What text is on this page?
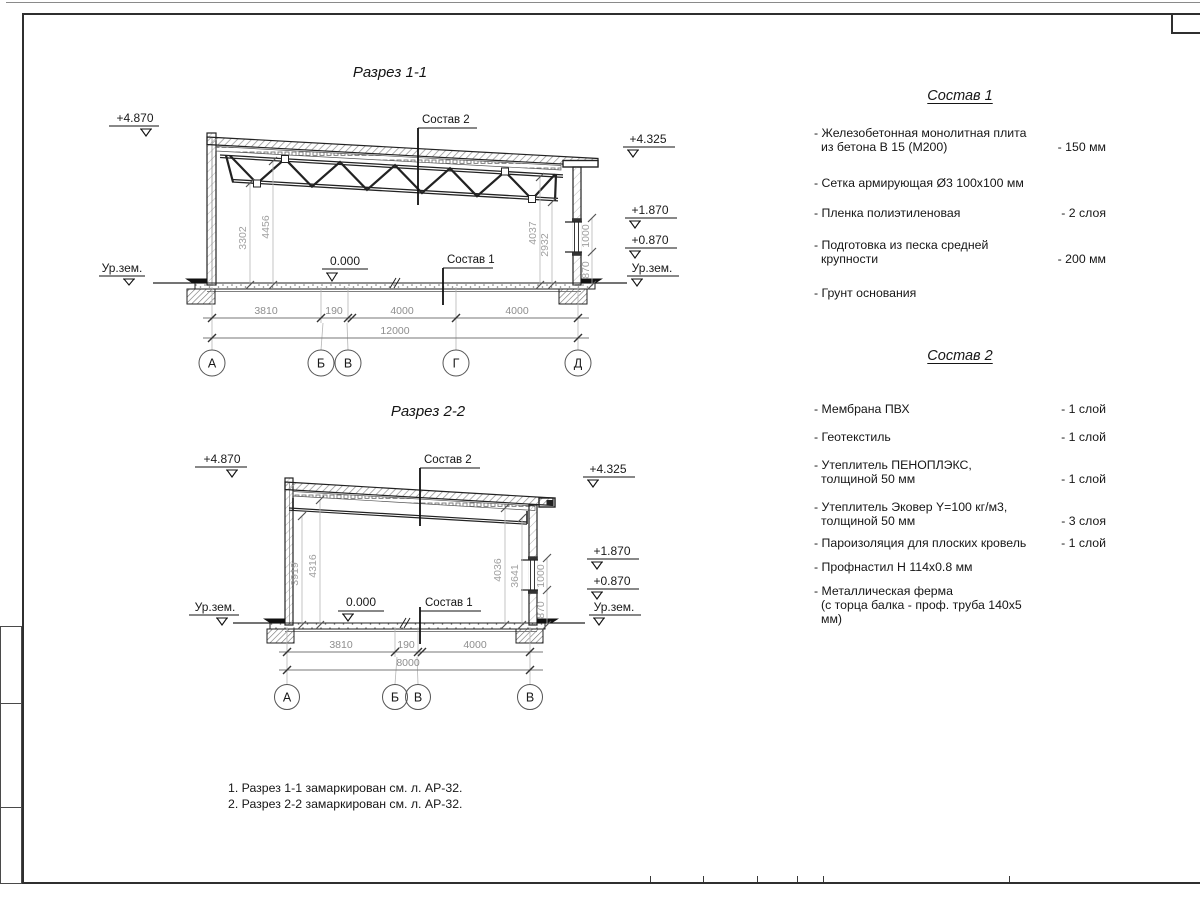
Разрез 1-1
Состав 2
Состав 1
0.000
+4.870
Ур.зем.
+4.325
+1.870
+0.870
Ур.зем.
3302 4456	4037
2932	1000
870
3810	190	4000	4000
12000
А	Б В	Г	Д
Разрез 2-2
Состав 2
Состав 1
0.000
+4.870
Ур.зем.
+4.325
+1.870
+0.870
Ур.зем.
3919 4316	4036 3641 1000
870
3810	190	4000
8000
А	Б В	В
Состав 1
- Железобетонная монолитная плита
из бетона В 15 (М200)	- 150 мм
- Сетка армирующая Ø3 100х100 мм
- Пленка полиэтиленовая	- 2 слоя
- Подготовка из песка средней
крупности	- 200 мм
- Грунт основания
Состав 2
- Мембрана ПВХ	- 1 слой
- Геотекстиль	- 1 слой
- Утеплитель ПЕНОПЛЭКС,
толщиной 50 мм	- 1 слой
- Утеплитель Эковер Y=100 кг/м3,
толщиной 50 мм	- 3 слоя
- Пароизоляция для плоских кровель	- 1 слой
- Профнастил Н 114х0.8 мм
- Металлическая ферма
(с торца балка - проф. труба 140х5 мм)
1. Разрез 1-1 замаркирован см. л. АР-32.
2. Разрез 2-2 замаркирован см. л. АР-32.
